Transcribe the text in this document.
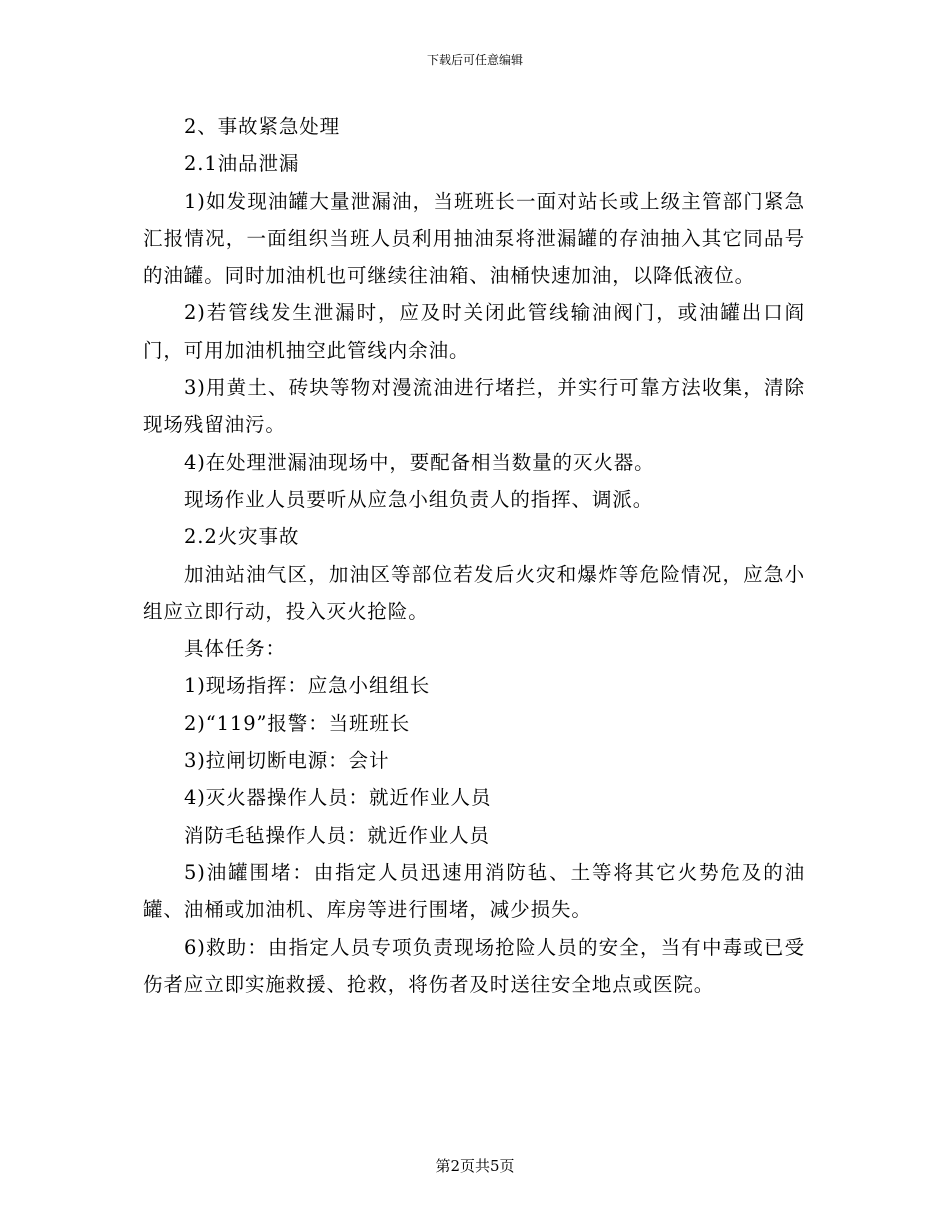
下载后可任意编辑

2、事故紧急处理

2.1油品泄漏

1)如发现油罐大量泄漏油，当班班长一面对站长或上级主管部门紧急汇报情况，一面组织当班人员利用抽油泵将泄漏罐的存油抽入其它同品号的油罐。同时加油机也可继续往油箱、油桶快速加油，以降低液位。

2)若管线发生泄漏时，应及时关闭此管线输油阀门，或油罐出口阎门，可用加油机抽空此管线内余油。

3)用黄土、砖块等物对漫流油进行堵拦，并实行可靠方法收集，清除现场残留油污。

4)在处理泄漏油现场中，要配备相当数量的灭火器。

现场作业人员要听从应急小组负责人的指挥、调派。

2.2火灾事故

加油站油气区，加油区等部位若发后火灾和爆炸等危险情况，应急小组应立即行动，投入灭火抢险。

具体任务：

1)现场指挥：应急小组组长

2)“119”报警：当班班长

3)拉闸切断电源：会计

4)灭火器操作人员：就近作业人员

消防毛毡操作人员：就近作业人员

5)油罐围堵：由指定人员迅速用消防毡、土等将其它火势危及的油罐、油桶或加油机、库房等进行围堵，减少损失。

6)救助：由指定人员专项负责现场抢险人员的安全，当有中毒或已受伤者应立即实施救援、抢救，将伤者及时送往安全地点或医院。

第2页共5页
